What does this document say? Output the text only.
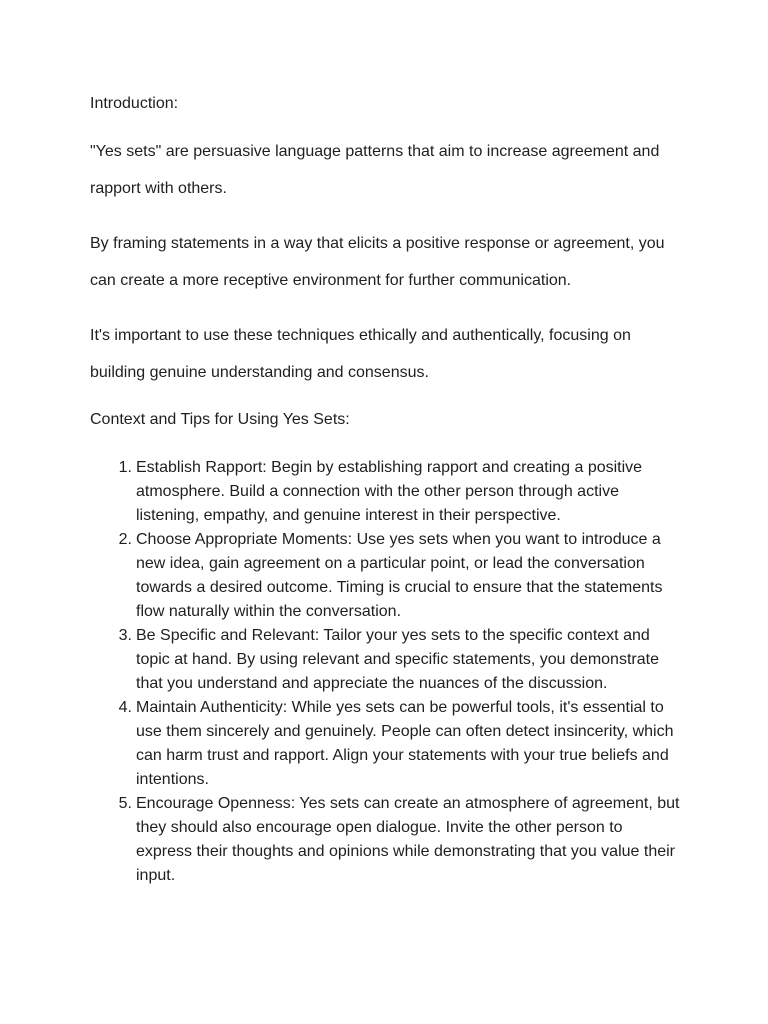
Introduction:

"Yes sets" are persuasive language patterns that aim to increase agreement and rapport with others.

By framing statements in a way that elicits a positive response or agreement, you can create a more receptive environment for further communication.

It's important to use these techniques ethically and authentically, focusing on building genuine understanding and consensus.

Context and Tips for Using Yes Sets:

1. Establish Rapport: Begin by establishing rapport and creating a positive atmosphere. Build a connection with the other person through active listening, empathy, and genuine interest in their perspective.
2. Choose Appropriate Moments: Use yes sets when you want to introduce a new idea, gain agreement on a particular point, or lead the conversation towards a desired outcome. Timing is crucial to ensure that the statements flow naturally within the conversation.
3. Be Specific and Relevant: Tailor your yes sets to the specific context and topic at hand. By using relevant and specific statements, you demonstrate that you understand and appreciate the nuances of the discussion.
4. Maintain Authenticity: While yes sets can be powerful tools, it's essential to use them sincerely and genuinely. People can often detect insincerity, which can harm trust and rapport. Align your statements with your true beliefs and intentions.
5. Encourage Openness: Yes sets can create an atmosphere of agreement, but they should also encourage open dialogue. Invite the other person to express their thoughts and opinions while demonstrating that you value their input.
